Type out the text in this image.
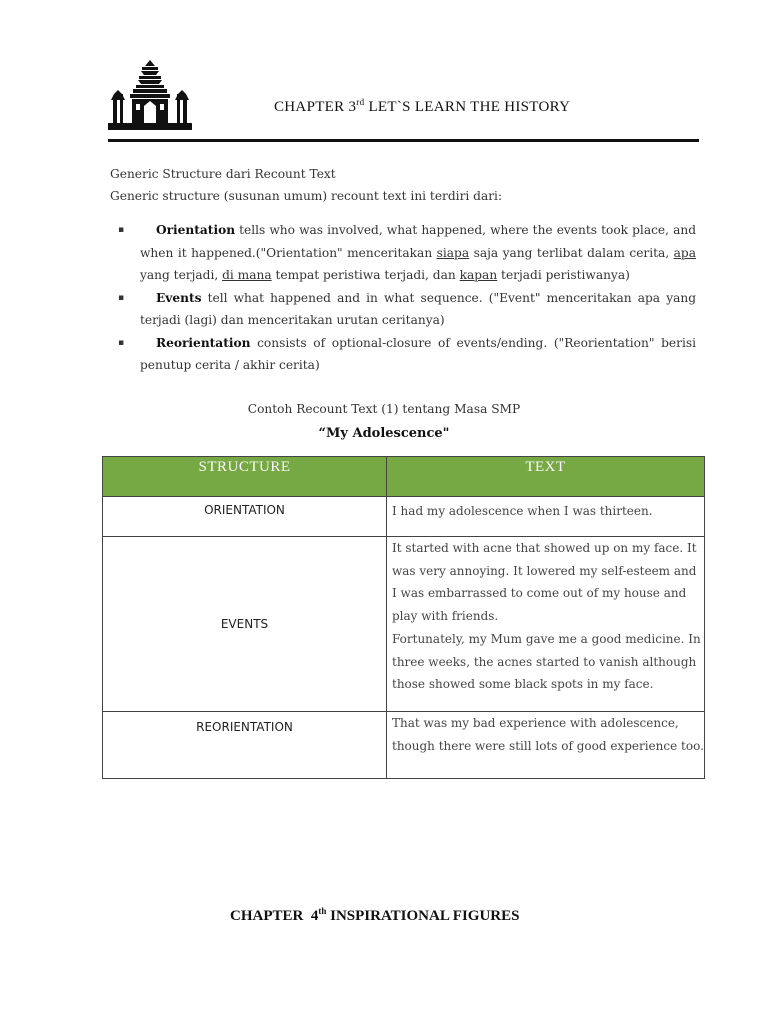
CHAPTER 3rd LET`S LEARN THE HISTORY
Generic Structure dari Recount Text
Generic structure (susunan umum) recount text ini terdiri dari:
▪	Orientation tells who was involved, what happened, where the events took place, and when it happened.("Orientation" menceritakan siapa saja yang terlibat dalam cerita, apa yang terjadi, di mana tempat peristiwa terjadi, dan kapan terjadi peristiwanya)
▪	Events tell what happened and in what sequence. ("Event" menceritakan apa yang terjadi (lagi) dan menceritakan urutan ceritanya)
▪	Reorientation consists of optional-closure of events/ending. ("Reorientation" berisi penutup cerita / akhir cerita)
Contoh Recount Text (1) tentang Masa SMP
“My Adolescence"
STRUCTURE	TEXT
ORIENTATION	I had my adolescence when I was thirteen.
EVENTS	It started with acne that showed up on my face. It was very annoying. It lowered my self-esteem and I was embarrassed to come out of my house and play with friends.
Fortunately, my Mum gave me a good medicine. In three weeks, the acnes started to vanish although those showed some black spots in my face.
REORIENTATION	That was my bad experience with adolescence, though there were still lots of good experience too.
CHAPTER  4th INSPIRATIONAL FIGURES
